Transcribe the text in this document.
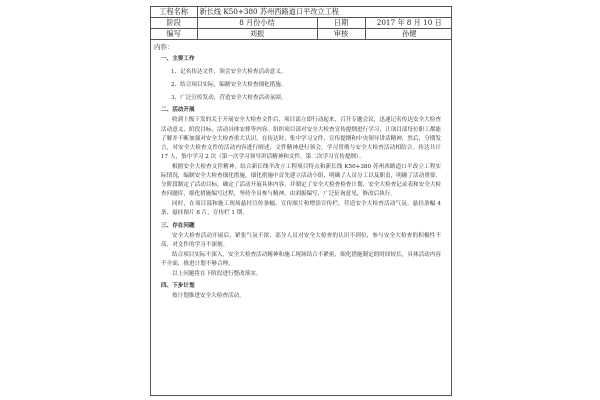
工程名称	新长线 K50+380 苏州西路道口平改立工程		
阶段	8 月份小结	日期	2017 年 8 月 10 日
编写	刘振	审核	孙健
内容：
一、主要工作
1、记名传达文件，领会安全大检查活动意义。
2、结合项目实际，编制安全大检查细化措施。
3、广泛宣传发动，营造安全大检查活动氛围。
二、活动开展
收到上级下发的关于开展安全大检查文件后，项目部立即行动起来，召开专题会议，迅速记名传达安全大检查活动意义、阶段目标、活动具体安排等内容。组织项目部对安全大检查宣传提纲进行学习，让项目部每位职工都能了解并不断加强对安全大检查重大认识。在传达时，集中学习文件、宣传提纲和中央领导讲话精神，然后，分期发言，对安全大检查文件的活动内容进行阐述，文件精神进行领会，学习贯彻与安全大检查活动相结合。传达共计 17 人，集中学习 2 次（第一次学习领导讲话精神和文件，第二次学习宣传提纲）。
根据安全大检查文件精神，结合新长线平改立工程项目特点和新长线 K50+380 苏州西路道口平改立工程实际情况，编制安全大检查细化措施，细化措施中首先建立活动小组，明确了人员分工以及职责，明确了活动重要，分阶段制定了活动目标，确定了活动开展具体内容，并制定了安全大检查检查计划、安全大检查记录表和安全大检查问题库，细化措施编写过程，坚持全员参与精神，由刘振编写，广泛征询意见，修改后执行。
同时，在项目部和施工现场悬挂宣传条幅、宣传图片和增添宣传栏，营造安全大检查活动气氛。悬挂条幅 4 条、悬挂图片 8 片，宣传栏 1 期。
三、存在问题
安全大检查活动开展后，紧张气氛不浓，部分人员对安全大检查的认识不到位，参与安全大检查的积极性不高，对文件的学习不深刻。
结合项目实际不深入，安全大检查活动精神和施工现场结合不紧密，细化措施制定的时间较长，具体活动内容不全面，推进计划不够合理。
以上问题将在下阶段进行整改落实。
四、下步计划
按计划推进安全大检查活动。
